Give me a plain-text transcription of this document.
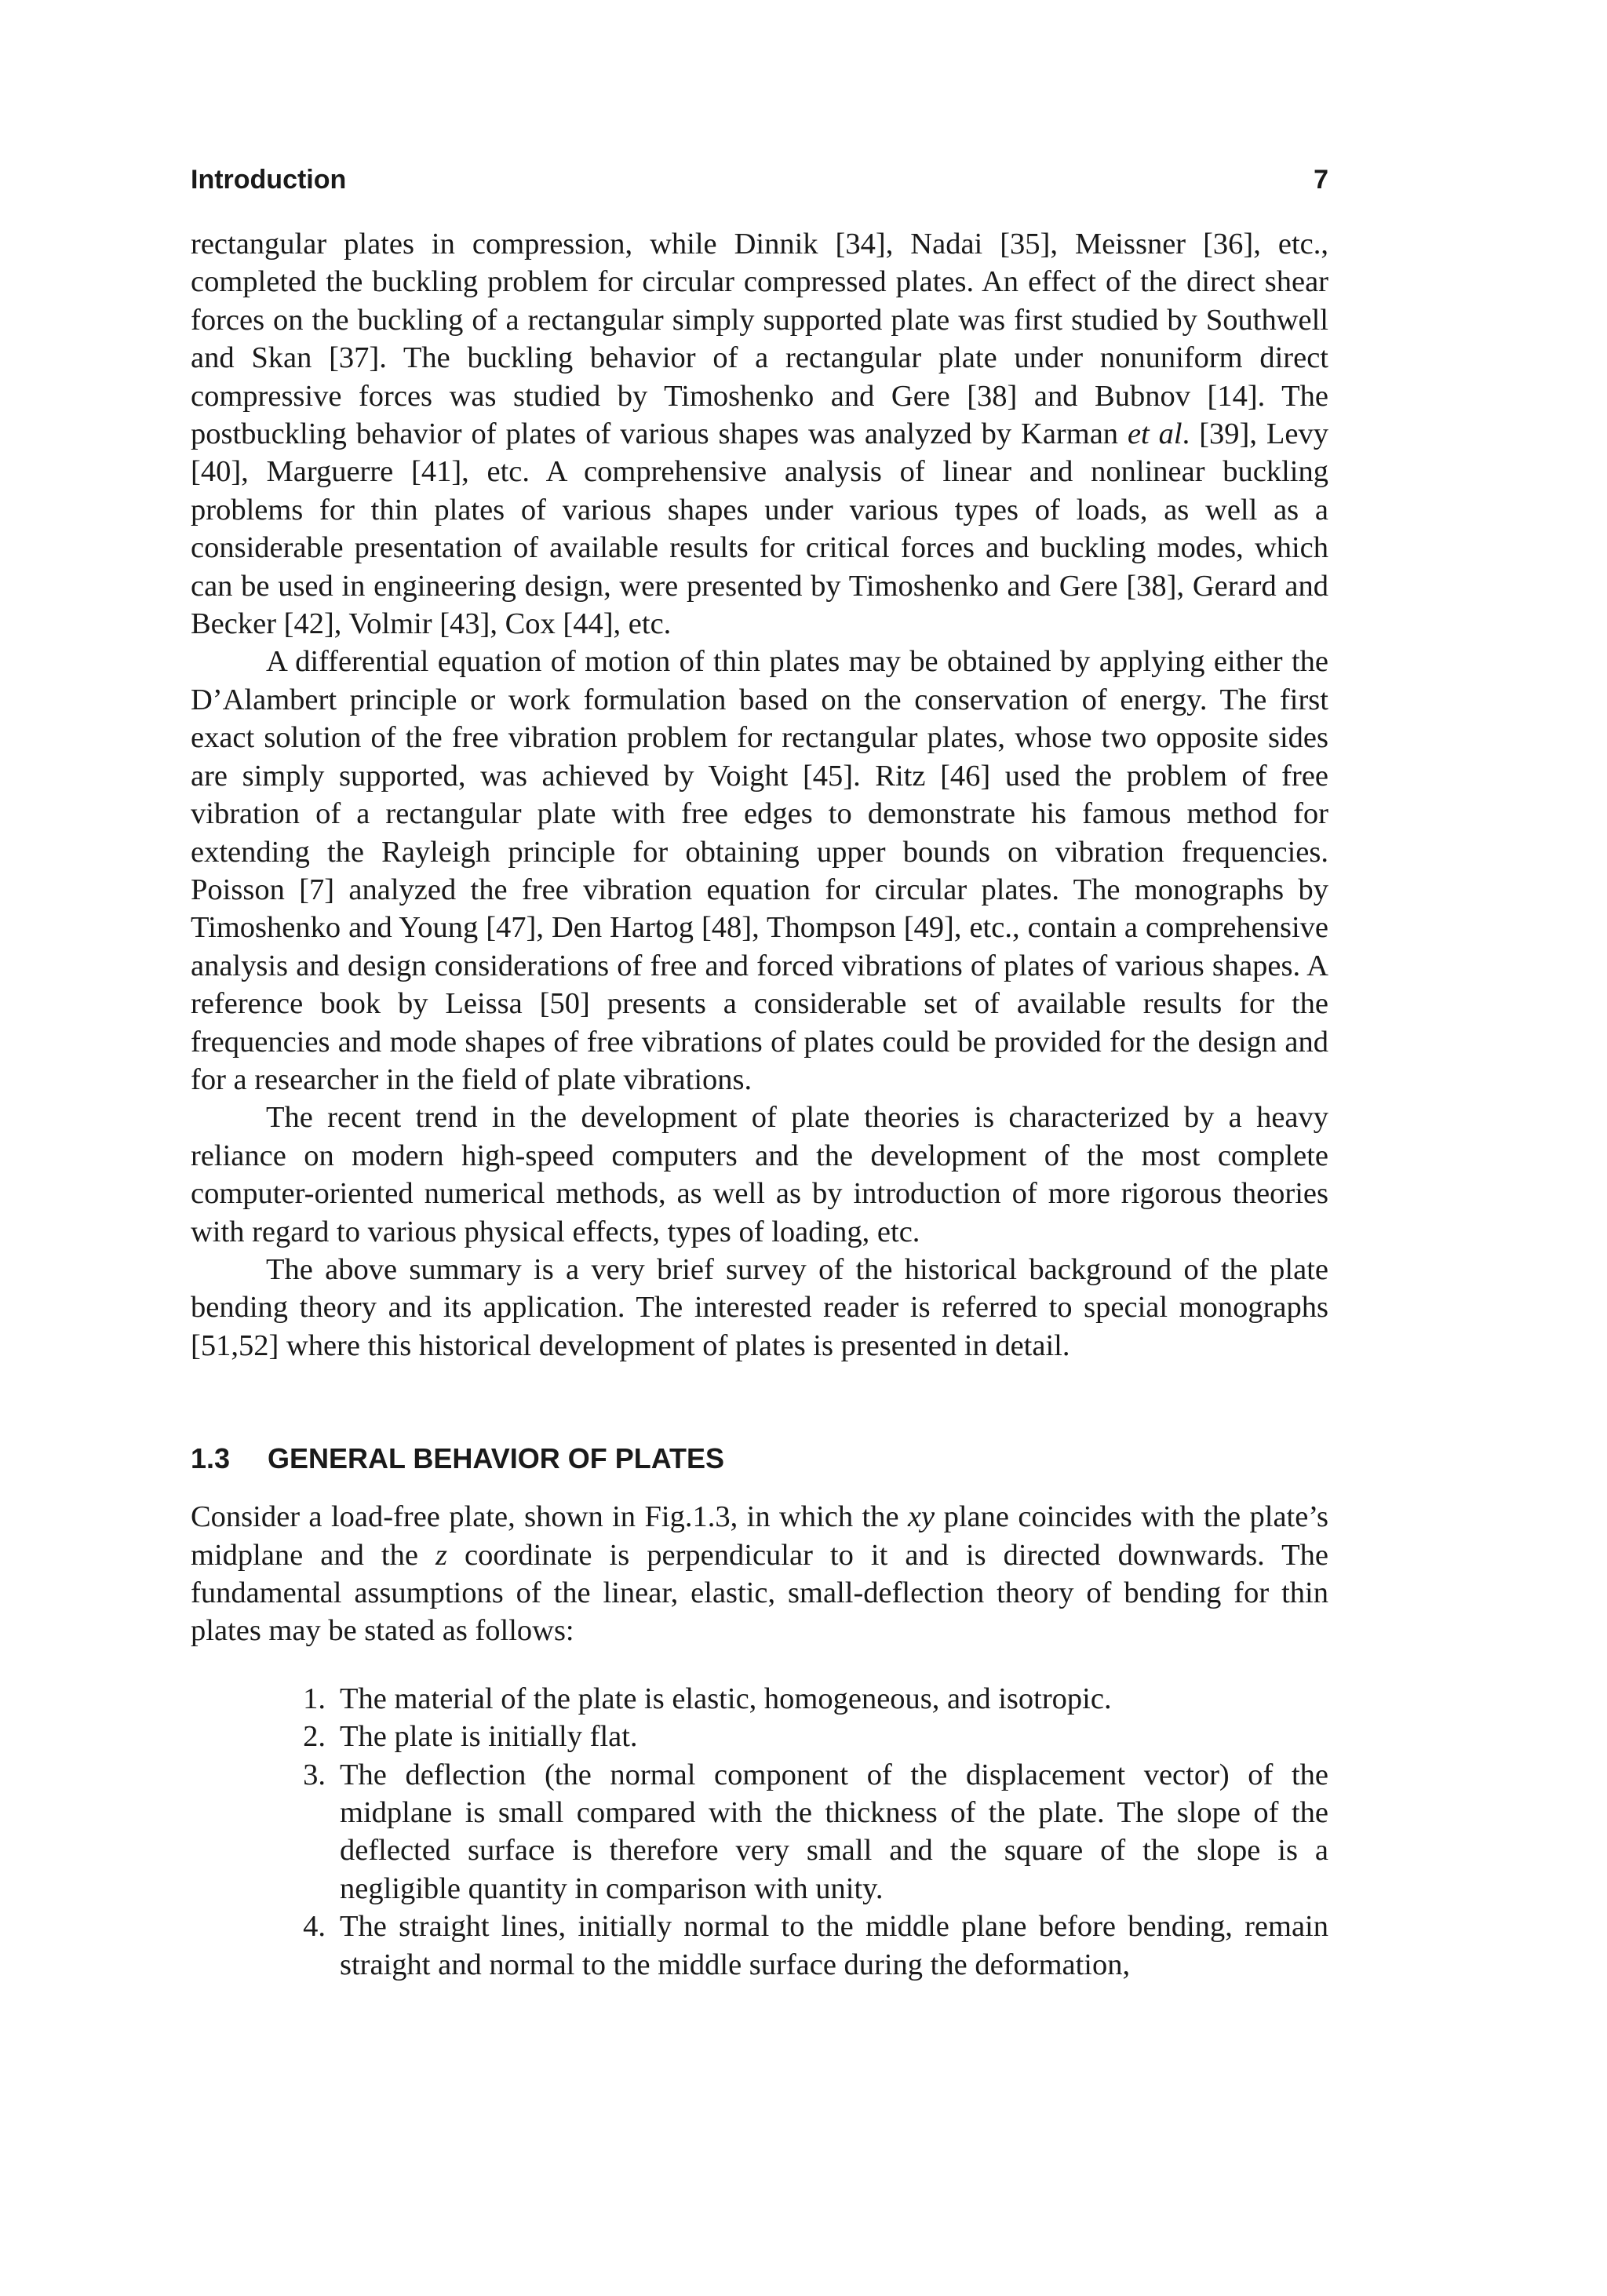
Introduction	7

rectangular plates in compression, while Dinnik [34], Nadai [35], Meissner [36], etc., completed the buckling problem for circular compressed plates. An effect of the direct shear forces on the buckling of a rectangular simply supported plate was first studied by Southwell and Skan [37]. The buckling behavior of a rectangular plate under nonuniform direct compressive forces was studied by Timoshenko and Gere [38] and Bubnov [14]. The postbuckling behavior of plates of various shapes was analyzed by Karman et al. [39], Levy [40], Marguerre [41], etc. A comprehensive analysis of linear and nonlinear buckling problems for thin plates of various shapes under various types of loads, as well as a considerable presentation of available results for critical forces and buckling modes, which can be used in engineering design, were presented by Timoshenko and Gere [38], Gerard and Becker [42], Volmir [43], Cox [44], etc.

A differential equation of motion of thin plates may be obtained by applying either the D’Alambert principle or work formulation based on the conservation of energy. The first exact solution of the free vibration problem for rectangular plates, whose two opposite sides are simply supported, was achieved by Voight [45]. Ritz [46] used the problem of free vibration of a rectangular plate with free edges to demonstrate his famous method for extending the Rayleigh principle for obtaining upper bounds on vibration frequencies. Poisson [7] analyzed the free vibration equation for circular plates. The monographs by Timoshenko and Young [47], Den Hartog [48], Thompson [49], etc., contain a comprehensive analysis and design considerations of free and forced vibrations of plates of various shapes. A reference book by Leissa [50] presents a considerable set of available results for the frequencies and mode shapes of free vibrations of plates could be provided for the design and for a researcher in the field of plate vibrations.

The recent trend in the development of plate theories is characterized by a heavy reliance on modern high-speed computers and the development of the most complete computer-oriented numerical methods, as well as by introduction of more rigorous theories with regard to various physical effects, types of loading, etc.

The above summary is a very brief survey of the historical background of the plate bending theory and its application. The interested reader is referred to special monographs [51,52] where this historical development of plates is presented in detail.

1.3	GENERAL BEHAVIOR OF PLATES

Consider a load-free plate, shown in Fig.1.3, in which the xy plane coincides with the plate’s midplane and the z coordinate is perpendicular to it and is directed downwards. The fundamental assumptions of the linear, elastic, small-deflection theory of bending for thin plates may be stated as follows:

1. The material of the plate is elastic, homogeneous, and isotropic.
2. The plate is initially flat.
3. The deflection (the normal component of the displacement vector) of the midplane is small compared with the thickness of the plate. The slope of the deflected surface is therefore very small and the square of the slope is a negligible quantity in comparison with unity.
4. The straight lines, initially normal to the middle plane before bending, remain straight and normal to the middle surface during the deformation,
